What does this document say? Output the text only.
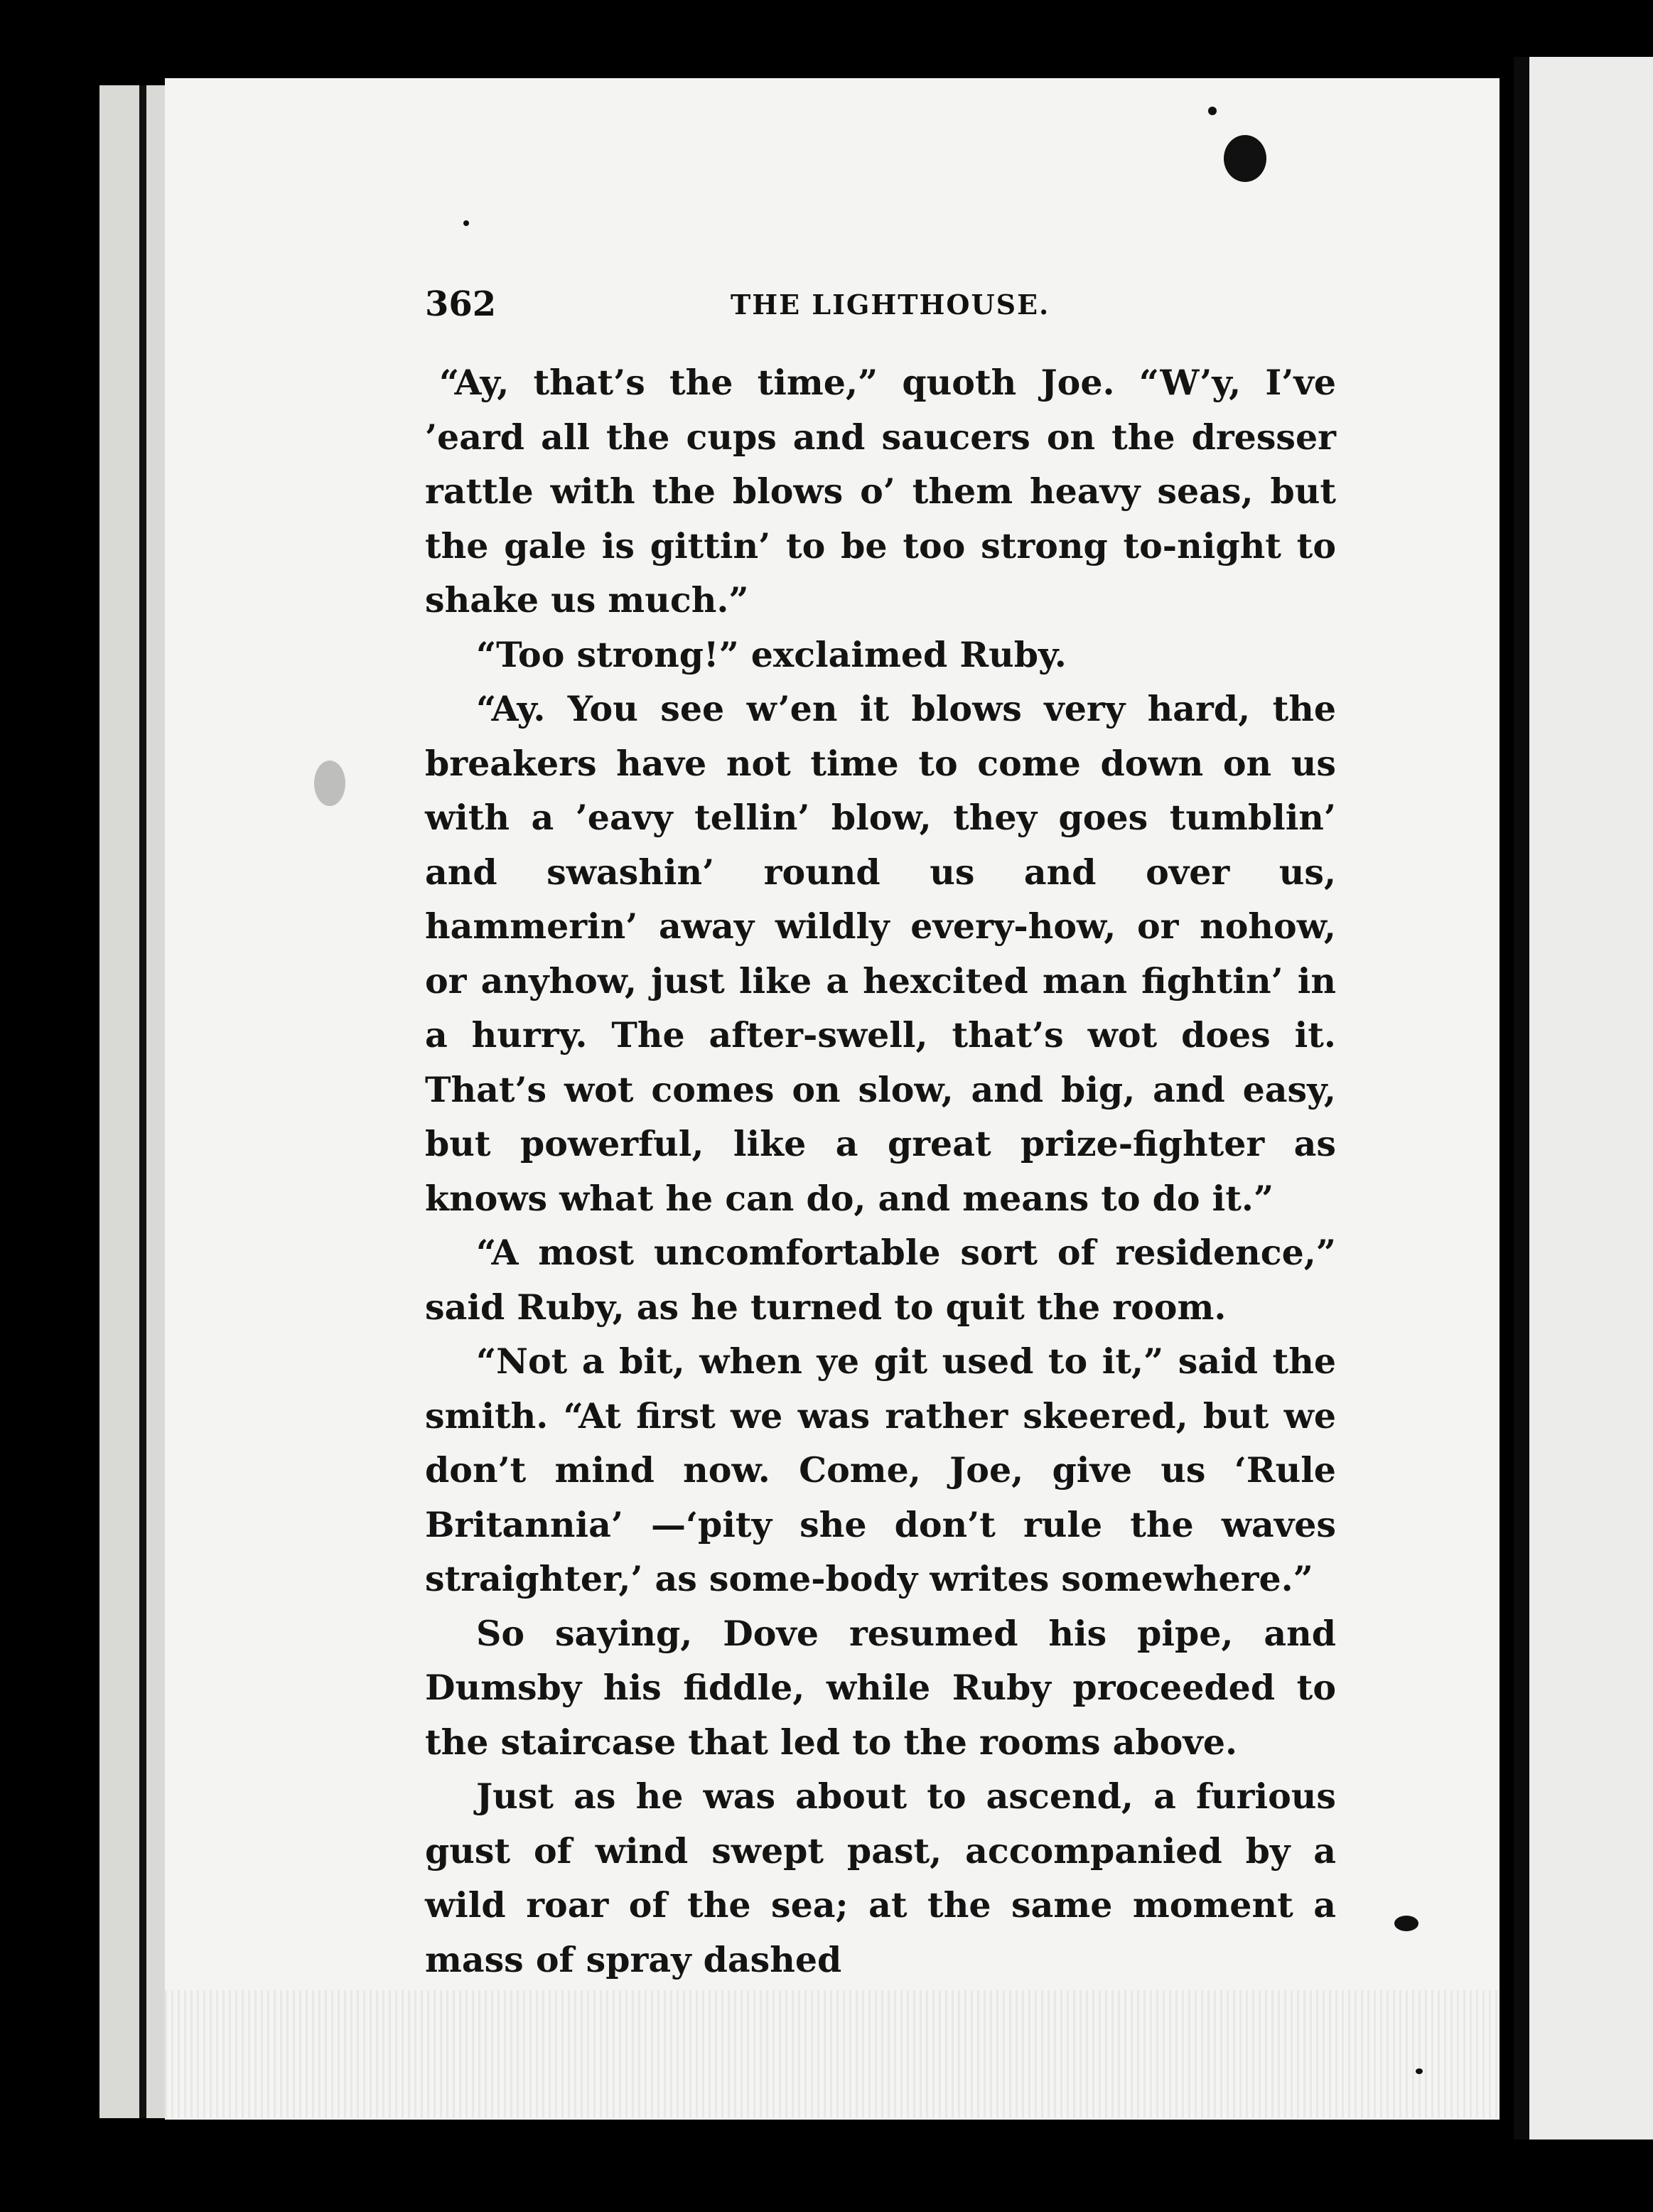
362	THE LIGHTHOUSE.

“Ay, that’s the time,” quoth Joe. “W’y, I’ve ’eard all the cups and saucers on the dresser rattle with the blows o’ them heavy seas, but the gale is gittin’ to be too strong to-night to shake us much.”

“Too strong!” exclaimed Ruby.

“Ay. You see w’en it blows very hard, the breakers have not time to come down on us with a ’eavy tellin’ blow, they goes tumblin’ and swashin’ round us and over us, hammerin’ away wildly every-how, or nohow, or anyhow, just like a hexcited man fightin’ in a hurry. The after-swell, that’s wot does it. That’s wot comes on slow, and big, and easy, but powerful, like a great prize-fighter as knows what he can do, and means to do it.”

“A most uncomfortable sort of residence,” said Ruby, as he turned to quit the room.

“Not a bit, when ye git used to it,” said the smith. “At first we was rather skeered, but we don’t mind now. Come, Joe, give us ‘Rule Britannia’ —‘pity she don’t rule the waves straighter,’ as some-body writes somewhere.”

So saying, Dove resumed his pipe, and Dumsby his fiddle, while Ruby proceeded to the staircase that led to the rooms above.

Just as he was about to ascend, a furious gust of wind swept past, accompanied by a wild roar of the sea; at the same moment a mass of spray dashed
